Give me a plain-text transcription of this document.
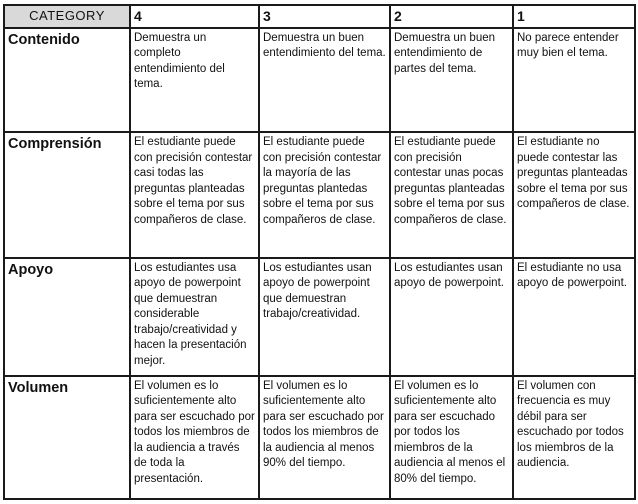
CATEGORY	4	3	2	1
Contenido	Demuestra un completo entendimiento del tema.	Demuestra un buen entendimiento del tema.	Demuestra un buen entendimiento de partes del tema.	No parece entender muy bien el tema.
Comprensión	El estudiante puede con precisión contestar casi todas las preguntas planteadas sobre el tema por sus compañeros de clase.	El estudiante puede con precisión contestar la mayoría de las preguntas plantedas sobre el tema por sus compañeros de clase.	El estudiante puede con precisión contestar unas pocas preguntas planteadas sobre el tema por sus compañeros de clase.	El estudiante no puede contestar las preguntas planteadas sobre el tema por sus compañeros de clase.
Apoyo	Los estudiantes usa apoyo de powerpoint que demuestran considerable trabajo/creatividad y hacen la presentación mejor.	Los estudiantes usan apoyo de powerpoint que demuestran trabajo/creatividad.	Los estudiantes usan apoyo de powerpoint.	El estudiante no usa apoyo de powerpoint.
Volumen	El volumen es lo suficientemente alto para ser escuchado por todos los miembros de la audiencia a través de toda la presentación.	El volumen es lo suficientemente alto para ser escuchado por todos los miembros de la audiencia al menos 90% del tiempo.	El volumen es lo suficientemente alto para ser escuchado por todos los miembros de la audiencia al menos el 80% del tiempo.	El volumen con frecuencia es muy débil para ser escuchado por todos los miembros de la audiencia.
